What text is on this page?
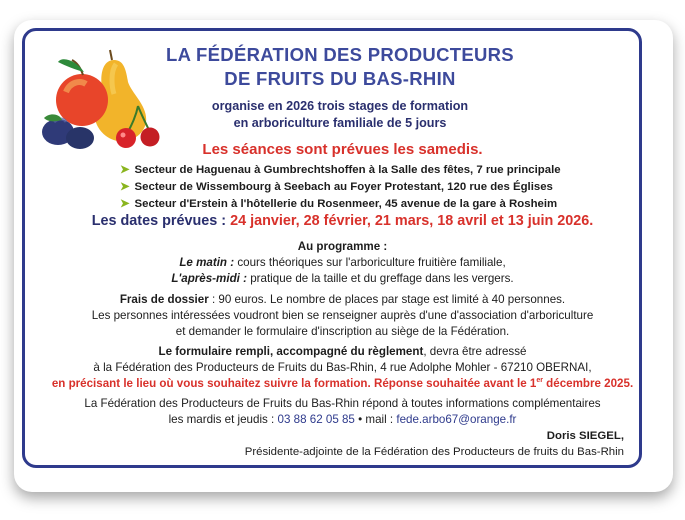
LA FÉDÉRATION DES PRODUCTEURS
DE FRUITS DU BAS-RHIN
organise en 2026 trois stages de formation
en arboriculture familiale de 5 jours
Les séances sont prévues les samedis.
➤ Secteur de Haguenau à Gumbrechtshoffen à la Salle des fêtes, 7 rue principale
➤ Secteur de Wissembourg à Seebach au Foyer Protestant, 120 rue des Églises
➤ Secteur d'Erstein à l'hôtellerie du Rosenmeer, 45 avenue de la gare à Rosheim
Les dates prévues : 24 janvier, 28 février, 21 mars, 18 avril et 13 juin 2026.
Au programme :
Le matin : cours théoriques sur l'arboriculture fruitière familiale,
L'après-midi : pratique de la taille et du greffage dans les vergers.
Frais de dossier : 90 euros. Le nombre de places par stage est limité à 40 personnes.
Les personnes intéressées voudront bien se renseigner auprès d'une d'association d'arboriculture
et demander le formulaire d'inscription au siège de la Fédération.
Le formulaire rempli, accompagné du règlement, devra être adressé
à la Fédération des Producteurs de Fruits du Bas-Rhin, 4 rue Adolphe Mohler - 67210 OBERNAI,
en précisant le lieu où vous souhaitez suivre la formation. Réponse souhaitée avant le 1er décembre 2025.
La Fédération des Producteurs de Fruits du Bas-Rhin répond à toutes informations complémentaires
les mardis et jeudis : 03 88 62 05 85 • mail : fede.arbo67@orange.fr
Doris SIEGEL,
Présidente-adjointe de la Fédération des Producteurs de fruits du Bas-Rhin
